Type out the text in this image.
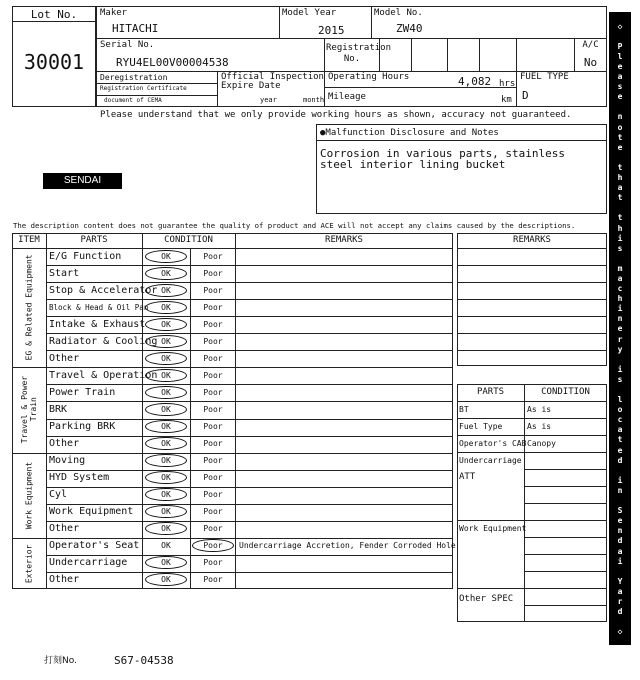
Lot No.
30001
Maker
HITACHI
Model Year
2015
Model No.
ZW40
Serial No.
RYU4EL00V00004538
Registration No.
A/C
No
Deregistration
Registration Certificate
document of CEMA
Official Inspection
Expire Date
year	month
Operating Hours	4,082 hrs
Mileage	km
FUEL TYPE
D
Please understand that we only provide working hours as shown, accuracy not guaranteed.
●Malfunction Disclosure and Notes
Corrosion in various parts, stainless
steel interior lining bucket
SENDAI
The description content does not guarantee the quality of product and ACE will not accept any claims caused by the descriptions.
ITEM	PARTS	CONDITION	REMARKS
E/G Function	OK	Poor
Start	OK	Poor
Stop & Accelerator OK	Poor
Block & Head & Oil Pan	OK	Poor
Intake & Exhaust	OK	Poor
Radiator & Cooling OK	Poor
Other	OK	Poor
EG & Related Equipment
Travel & Operation OK	Poor
Power Train	OK	Poor
BRK	OK	Poor
Parking BRK	OK	Poor
Other	OK	Poor
Travel & Power Train
Moving	OK	Poor
HYD System	OK	Poor
Cyl	OK	Poor
Work Equipment	OK	Poor
Other	OK	Poor
Work Equipment
Operator's Seat	OK	Poor	Undercarriage Accretion, Fender Corroded Hole
Undercarriage	OK	Poor
Other	OK	Poor
Exterior
REMARKS
PARTS	CONDITION
BT	As is
Fuel Type	As is
Operator's CAB Canopy
Undercarriage
ATT
Work Equipment
Other SPEC
◇

P
l
e
a
s
e

n
o
t
e

t
h
a
t

t
h
i
s

m
a
c
h
i
n
e
r
y

i
s

l
o
c
a
t
e
d

i
n

S
e
n
d
a
i

Y
a
r
d

◇
打刻No.	S67-04538
